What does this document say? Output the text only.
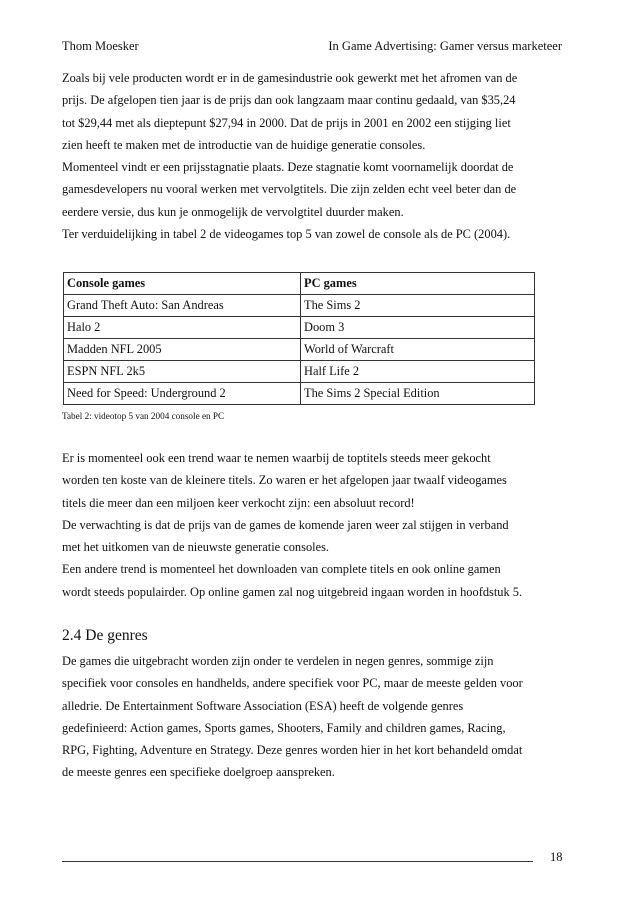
Thom Moesker	In Game Advertising: Gamer versus marketeer

Zoals bij vele producten wordt er in de gamesindustrie ook gewerkt met het afromen van de

prijs. De afgelopen tien jaar is de prijs dan ook langzaam maar continu gedaald, van $35,24

tot $29,44 met als dieptepunt $27,94 in 2000. Dat de prijs in 2001 en 2002 een stijging liet

zien heeft te maken met de introductie van de huidige generatie consoles.

Momenteel vindt er een prijsstagnatie plaats. Deze stagnatie komt voornamelijk doordat de

gamesdevelopers nu vooral werken met vervolgtitels. Die zijn zelden echt veel beter dan de

eerdere versie, dus kun je onmogelijk de vervolgtitel duurder maken.

Ter verduidelijking in tabel 2 de videogames top 5 van zowel de console als de PC (2004).

Console games	PC games
Grand Theft Auto: San Andreas	The Sims 2
Halo 2	Doom 3
Madden NFL 2005	World of Warcraft
ESPN NFL 2k5	Half Life 2
Need for Speed: Underground 2	The Sims 2 Special Edition
Tabel 2: videotop 5 van 2004 console en PC

Er is momenteel ook een trend waar te nemen waarbij de toptitels steeds meer gekocht

worden ten koste van de kleinere titels. Zo waren er het afgelopen jaar twaalf videogames

titels die meer dan een miljoen keer verkocht zijn: een absoluut record!

De verwachting is dat de prijs van de games de komende jaren weer zal stijgen in verband

met het uitkomen van de nieuwste generatie consoles.

Een andere trend is momenteel het downloaden van complete titels en ook online gamen

wordt steeds populairder. Op online gamen zal nog uitgebreid ingaan worden in hoofdstuk 5.

2.4 De genres

De games die uitgebracht worden zijn onder te verdelen in negen genres, sommige zijn

specifiek voor consoles en handhelds, andere specifiek voor PC, maar de meeste gelden voor

alledrie. De Entertainment Software Association (ESA) heeft de volgende genres

gedefinieerd: Action games, Sports games, Shooters, Family and children games, Racing,

RPG, Fighting, Adventure en Strategy. Deze genres worden hier in het kort behandeld omdat

de meeste genres een specifieke doelgroep aanspreken.

18
